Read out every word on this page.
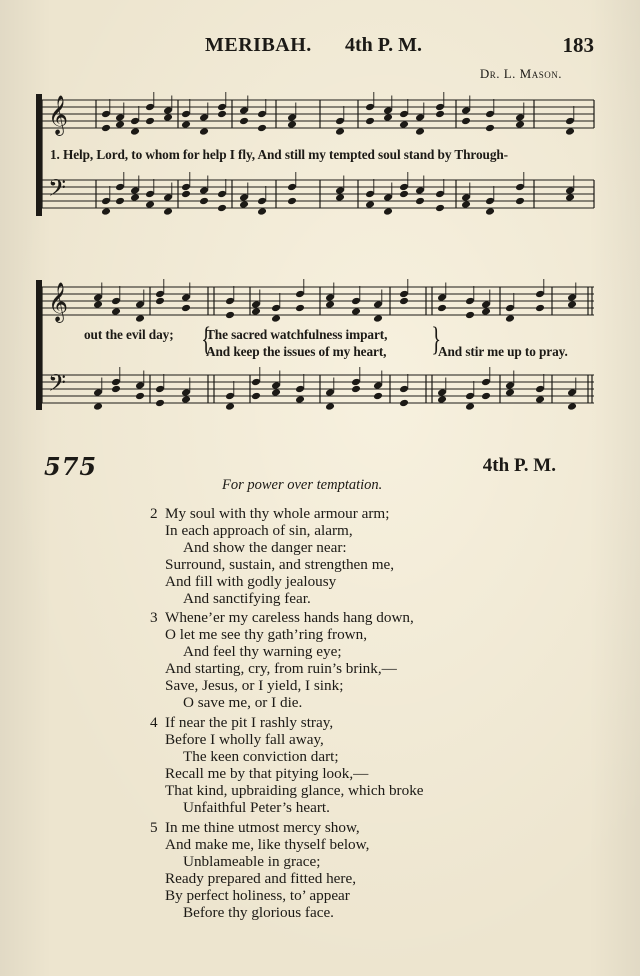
MERIBAH. 4th P. M.	183
Dr. L. Mason.
𝄞
𝄢
𝄞
𝄢
1. Help, Lord, to whom for help I fly, And still my tempted soul stand by Through-
out the evil day; {
The sacred watchfulness impart,
And keep the issues of my heart, }
And stir me up to pray.
575	4th P. M.
For power over temptation.
2 My soul with thy whole armour arm;
In each approach of sin, alarm,
And show the danger near:
Surround, sustain, and strengthen me,
And fill with godly jealousy
And sanctifying fear.
3 Whene’er my careless hands hang down,
O let me see thy gath’ring frown,
And feel thy warning eye;
And starting, cry, from ruin’s brink,—
Save, Jesus, or I yield, I sink;
O save me, or I die.
4 If near the pit I rashly stray,
Before I wholly fall away,
The keen conviction dart;
Recall me by that pitying look,—
That kind, upbraiding glance, which broke
Unfaithful Peter’s heart.
5 In me thine utmost mercy show,
And make me, like thyself below,
Unblameable in grace;
Ready prepared and fitted here,
By perfect holiness, to’ appear
Before thy glorious face.
